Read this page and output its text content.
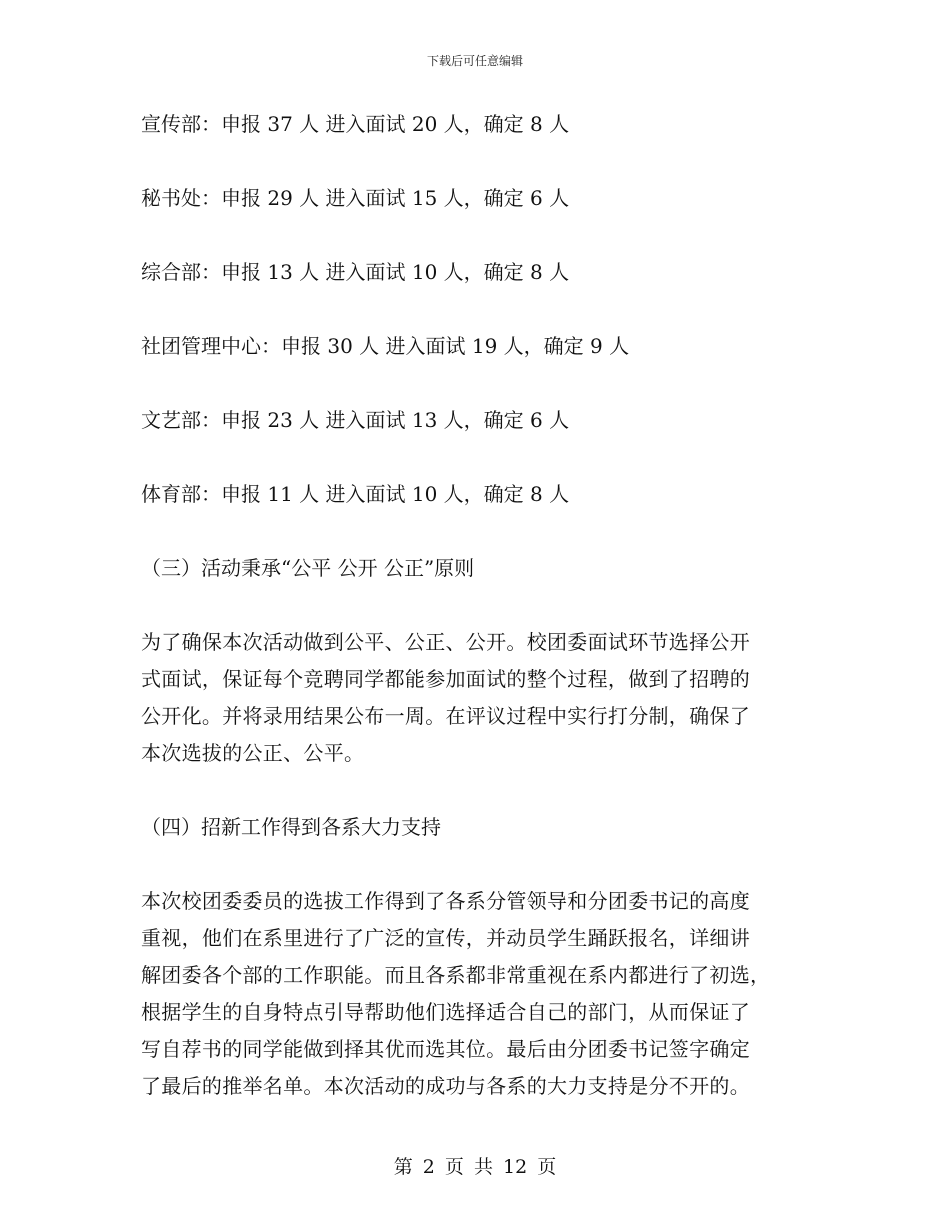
下载后可任意编辑

宣传部：申报 37 人 进入面试 20 人，确定 8 人

秘书处：申报 29 人 进入面试 15 人，确定 6 人

综合部：申报 13 人 进入面试 10 人，确定 8 人

社团管理中心：申报 30 人 进入面试 19 人，确定 9 人

文艺部：申报 23 人 进入面试 13 人，确定 6 人

体育部：申报 11 人 进入面试 10 人，确定 8 人

（三）活动秉承“公平 公开 公正”原则

为了确保本次活动做到公平、公正、公开。校团委面试环节选择公开

式面试，保证每个竞聘同学都能参加面试的整个过程，做到了招聘的

公开化。并将录用结果公布一周。在评议过程中实行打分制，确保了

本次选拔的公正、公平。

（四）招新工作得到各系大力支持

本次校团委委员的选拔工作得到了各系分管领导和分团委书记的高度

重视，他们在系里进行了广泛的宣传，并动员学生踊跃报名，详细讲

解团委各个部的工作职能。而且各系都非常重视在系内都进行了初选，

根据学生的自身特点引导帮助他们选择适合自己的部门，从而保证了

写自荐书的同学能做到择其优而选其位。最后由分团委书记签字确定

了最后的推举名单。本次活动的成功与各系的大力支持是分不开的。

第 2 页 共 12 页
